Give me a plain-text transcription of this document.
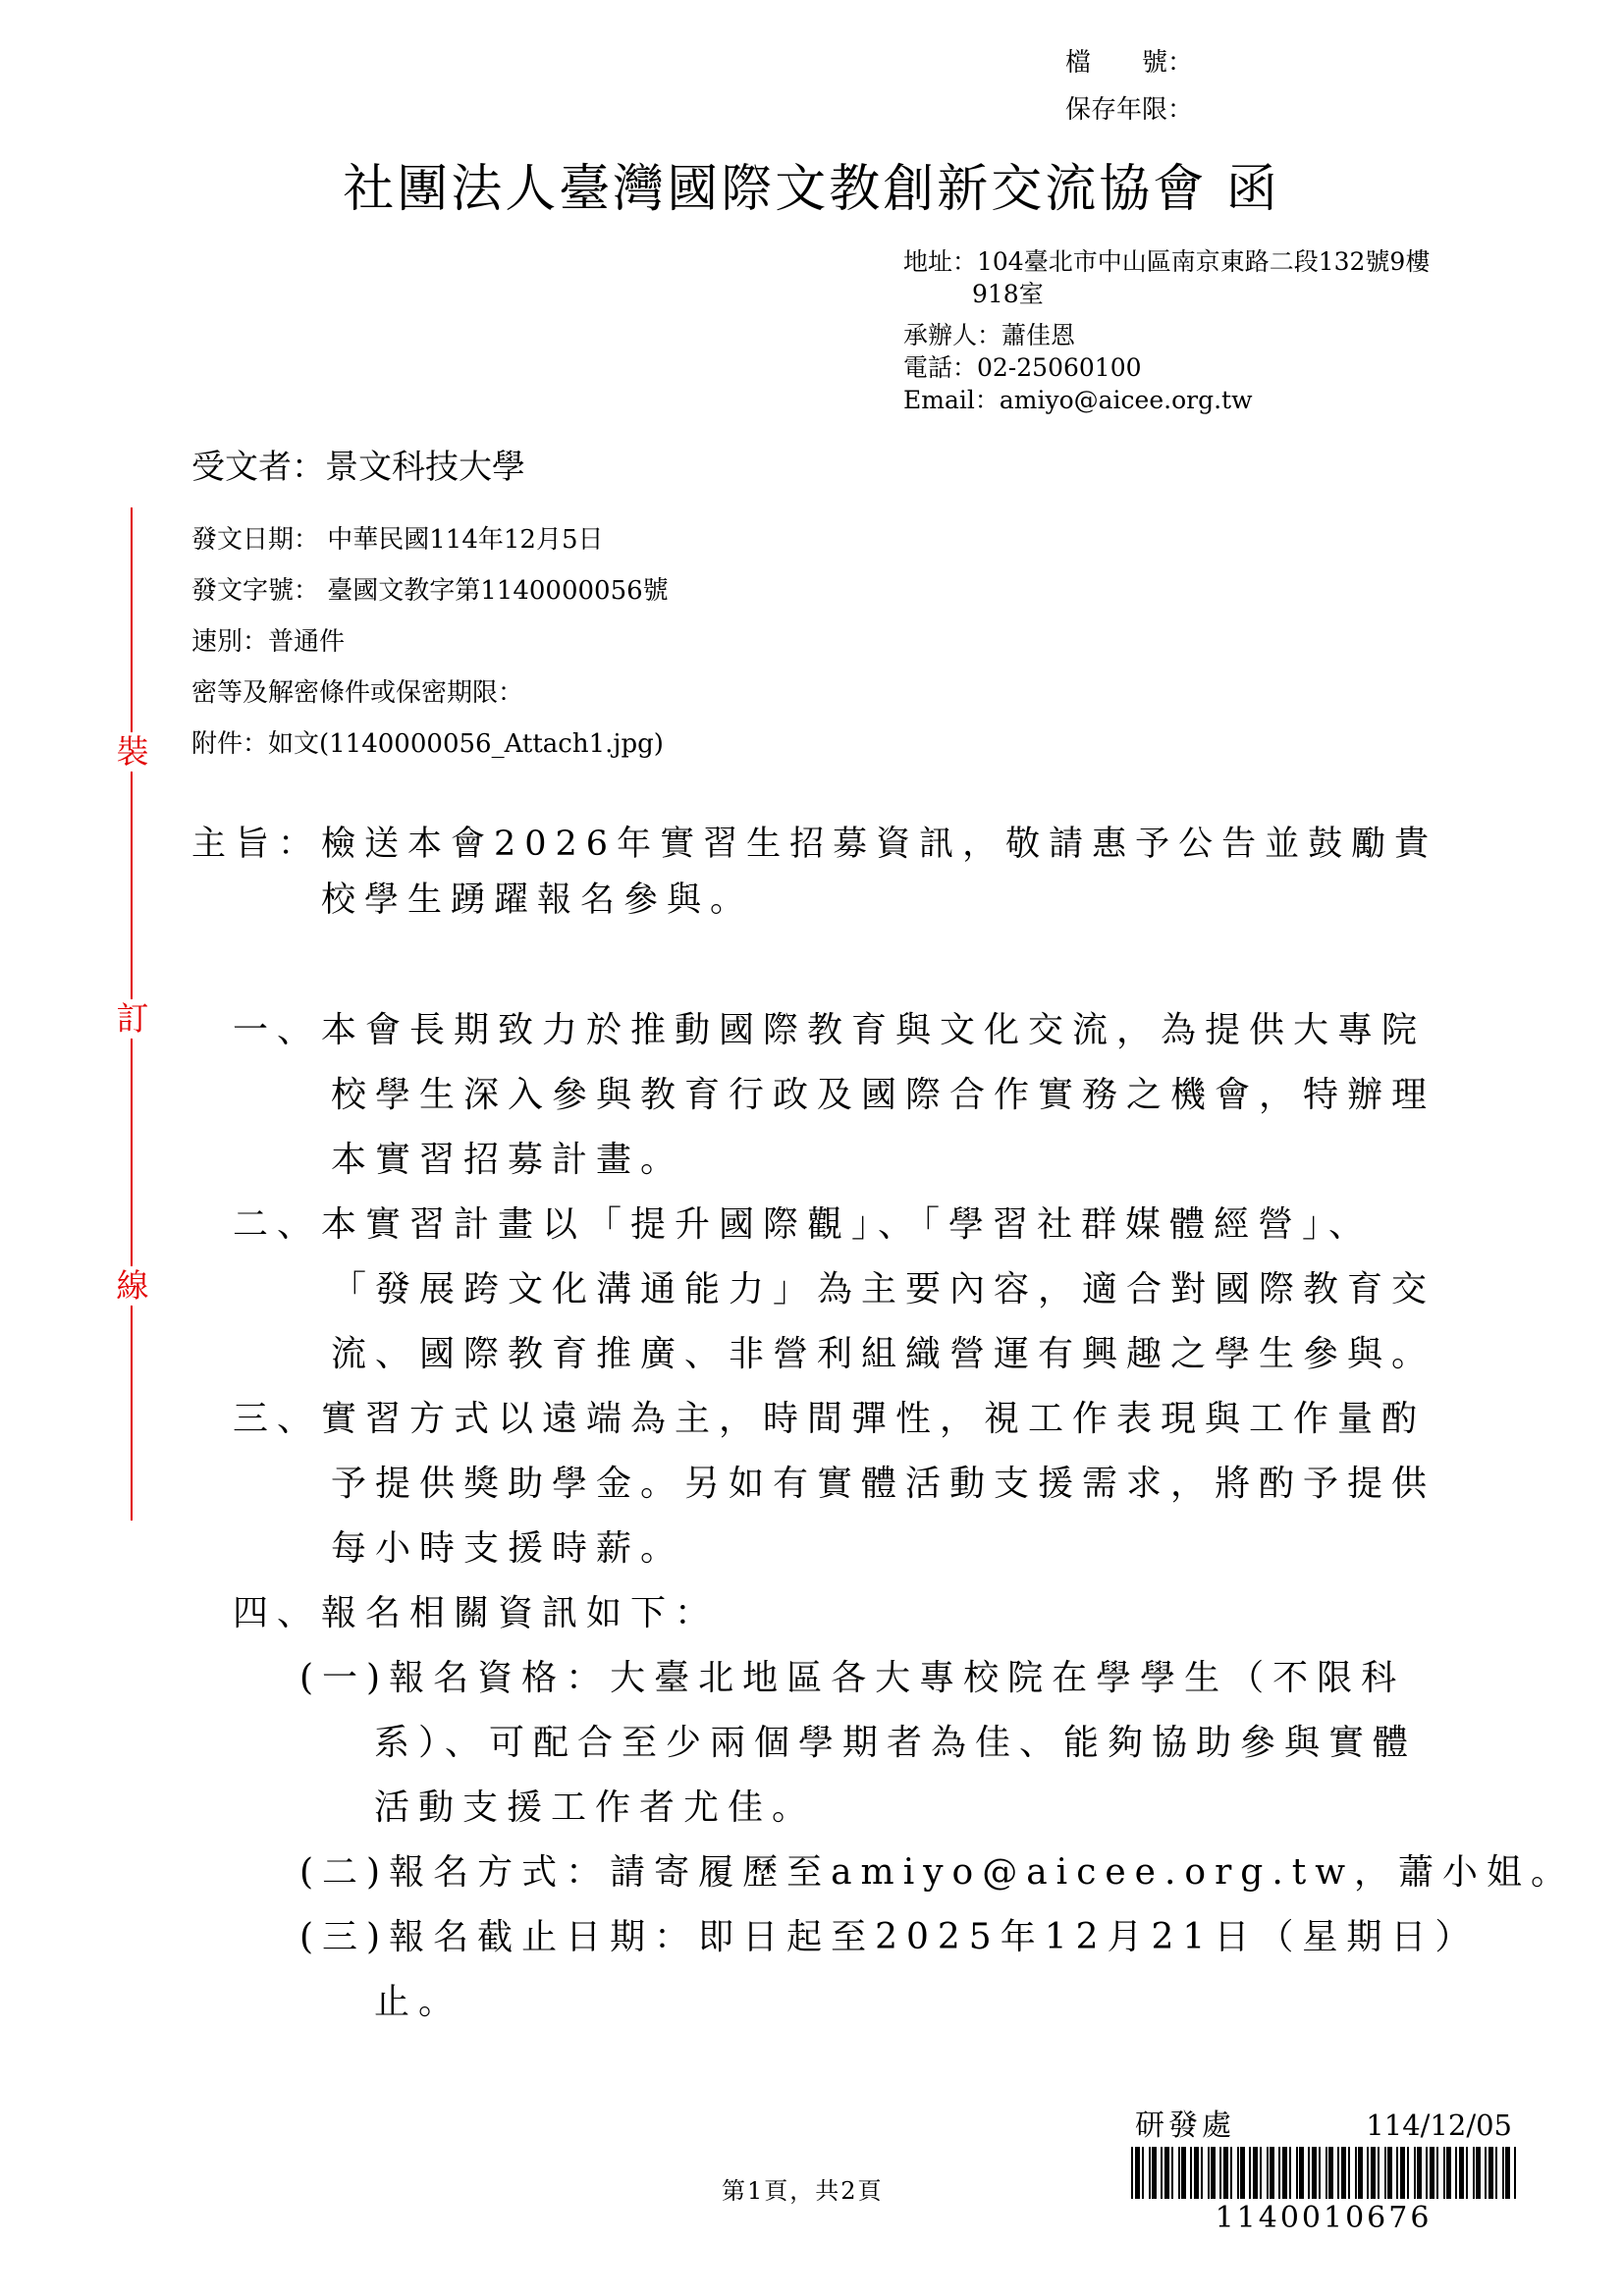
檔　　號：
保存年限：
社團法人臺灣國際文教創新交流協會 函
地址：104臺北市中山區南京東路二段132號9樓
918室
承辦人：蕭佳恩
電話：02-25060100
Email：amiyo@aicee.org.tw
受文者：景文科技大學
發文日期： 中華民國114年12月5日
發文字號： 臺國文教字第1140000056號
速別：普通件
密等及解密條件或保密期限：
附件：如文(1140000056_Attach1.jpg)
主旨：檢送本會2026年實習生招募資訊，敬請惠予公告並鼓勵貴
校學生踴躍報名參與。
一、本會長期致力於推動國際教育與文化交流，為提供大專院
校學生深入參與教育行政及國際合作實務之機會，特辦理
本實習招募計畫。
二、本實習計畫以「提升國際觀」、「學習社群媒體經營」、
「發展跨文化溝通能力」為主要內容，適合對國際教育交
流、國際教育推廣、非營利組織營運有興趣之學生參與。
三、實習方式以遠端為主，時間彈性，視工作表現與工作量酌
予提供獎助學金。另如有實體活動支援需求，將酌予提供
每小時支援時薪。
四、報名相關資訊如下：
(一)報名資格：大臺北地區各大專校院在學學生（不限科
系）、可配合至少兩個學期者為佳、能夠協助參與實體
活動支援工作者尤佳。
(二)報名方式：請寄履歷至amiyo@aicee.org.tw，蕭小姐。
(三)報名截止日期：即日起至2025年12月21日（星期日）
止。
裝
訂
線
研發處	114/12/05
1140010676
第1頁，共2頁
